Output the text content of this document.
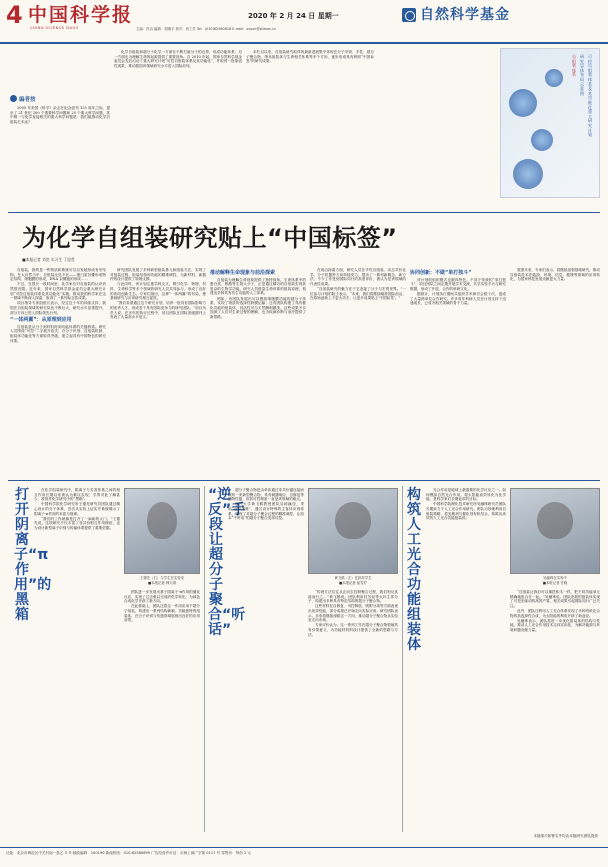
4 中国科学报
CHINA SCIENCE DAILY
2020 年 2 月 24 日 星期一
主编：肖洁 编辑：胡珈平 校对：何工苏 Tel：(010)62580618 E-mail：xxsun@stimes.cn
自然科学基金
编者按

2005 年美国《科学》杂志在纪念创刊 125 周年之际，提出了 21 世纪 100 个重要科学问题和 25 个重大科学问题，其中唯一与化学直接相关的重大科学问题是：我们能推动化学自组装走多远？

化学自组装和超分子化学一方面在不断打破分子的边界，形成功能体系；另一方面也为理解生命的起源提供了重要视角。自 2010 年起，国家自然科学基金委员会先后启动了重大研究计划“可控自组装体系及其功能化”，并取得一批原创性成果，推动我国该领域研究水平进入国际前列。

本栏目以来，自组装研究取得的最新进展集中体现在分子识别、手性、超分子聚合物、纳米组装体与生命相关体系等多个方向，逐步形成具有鲜明“中国标签”的研究成果。

可控自组装体系及其功能化重大研究计划
研究总体布局示意图
自组装体系
为化学自组装研究贴上“中国标签”
■本报记者 刘奕 实习生 丁思哲

自组装，指的是一些物质和系统可以自发地形成有序结构。在大自然当中，自组装无处不在——蛋白质折叠形成特定结构、细胞膜的形成、DNA 双螺旋的形成……

不过，在很长一段时间里，化学家们对自组装的认识仍然很有限。近年来，国家自然科学基金委员会重大研究计划“可控自组装体系及其功能化”实施，推动我国科学家在这一领域不断深入探索，取得了一系列标志性成果。

项目指导专家组组长表示，经过近十年的持续支持，我国在自组装领域的研究队伍不断壮大，研究水平显著提升，部分方向已进入国际领先行列。

“一体两翼”：从原理到应用

自组装是从分子到材料再到功能体系的关键桥梁。研究人员围绕“可控”二字展开攻关，在分子识别、自组装机制、组装体功能化等方面取得突破，建立起具有中国特色的研究体系。

研究团队发展了多种新型组装基元和组装方法，实现了对组装过程、组装结构和功能的精准调控，为新材料、新器件的设计提供了原理支撑。

与此同时，该计划注重学科交叉，吸引化学、物理、材料、生命科学等多个领域的研究人员共同参与，形成了良好的协同创新生态。专家们指出，这种“一体两翼”的布局，使基础研究与应用研究相互促进。

“我们希望通过这个研究计划，培养一批具有国际影响力的优秀人才，形成若干具有国际竞争力的研究团队。”项目负责人说。在多年的执行过程中，项目团队在国际顶级期刊上发表了大量高水平论文。

推动解释生命现象与前沿探索

自组装为理解生命现象提供了独特视角。生命体系中的蛋白质、核酸等生物大分子，正是通过精巧的自组装实现其复杂的生物学功能。研究人员借鉴生命体系的组装原理，构建出多种具有仿生功能的人工体系。

例如，有团队发展出可以模拟细胞膜功能的超分子体系，实现了物质的选择性跨膜运输；还有团队构建了具有催化功能的组装体，其活性可与天然酶相媲美。这些成果不仅加深了人们对生命过程的理解，也为疾病诊断与治疗提供了新思路。

在前沿探索方面，研究人员在手性自组装、动态共价化学、分子机器等方向持续发力，提出了一系列新概念、新方法。不少工作受到国际同行的高度评价，被认为是该领域的代表性成果。

“自组装研究的魅力在于它连接了分子与宏观世界。”一位参与计划的院士表示，“未来，我们将继续瞄准国际前沿，在原始创新上下更大功夫，让更多成果贴上‘中国标签’。”

协同创新：不做“单打独斗”

该计划的组织模式也颇具特色。不同于传统的“单打独斗”，项目团队之间定期开展学术交流，共享实验平台与研究数据，形成了开放、合作的科研文化。

据统计，计划执行期间共组织学术研讨会数十次，促成了大量跨单位合作研究。许多青年科研人员在计划支持下迅速成长，已成为相关领域的骨干力量。

展望未来，专家们表示，将继续加强基础研究，推动自组装技术在能源、环境、信息、健康等领域的应用转化，为国家科技发展贡献更大力量。

打开阴离子“π作用”的黑箱

在化学组装研究中，阴离子与芳香体系之间的相互作用长期以来被认为难以实现，学界对此了解甚少，被视作化学研究中的“黑箱”。

中国科学院化学研究所王德先研究员团队通过精心设计的分子体系，首次从实验上证实并系统揭示了阴离子-π作用的本质与规律。

“我们的工作就像是打开了一扇新的大门。”王德先说。这项研究不仅丰富了非共价相互作用理论，也为设计新型离子识别与传输体系提供了重要依据。

王德先（右）与学生在实验室
■本报记者 韩天琪

团队进一步发展出基于阴离子-π作用的催化反应，实现了过去难以完成的化学转化，为绿色合成化学开辟了新方向。

在此基础上，团队还将这一作用应用于超分子组装，构建出一系列结构新颖、功能独特的组装体，在分子识别与传感领域展现出良好的应用前景。

“逆反”手段让超分子聚合“听话”

超分子聚合物是由单体通过非共价键连接而成的一类新型聚合物，具有刺激响应、自修复等独特性能，但其可控制备一直是该领域的难点。

浙江大学黄飞鹤教授团队另辟蹊径，采用“逆向思维”，通过设计特殊的主客体识别体系，实现了对超分子聚合过程的精准调控，让原本“不听话”的超分子聚合变得可控。

黄飞鹤（左）在指导学生
■本报记者 崔雪芹

“传统方法往往从正向去控制聚合过程，我们则反其道而行之。”黄飞鹤说。团队利用柱芳烃等大环主体分子，构建出多种具有特定结构的超分子聚合物。

这些材料在自修复、可控释放、吸附分离等方面表现出优异性能，部分成果已开始走向实际应用。研究团队表示，未来将继续深耕这一方向，推动超分子聚合物从实验室走向市场。

专家评价认为，这一系列工作在超分子聚合物领域具有引领意义，为功能材料的设计提供了全新的思路与方法。

构筑人工光合功能组装体

光合作用是地球上最重要的化学反应之一。如何模拟自然光合作用，将太阳能高效转化为化学能，是科学家们长期追求的目标。

中国科学院理化技术研究所吴骊珠研究员团队长期致力于人工光合作用研究。团队巧妙地利用自组装策略，将光敏剂与催化剂有机结合，构筑出高效的人工光合功能组装体。

吴骊珠在实验中
■本报记者 甘晓

“自组装让我们可以像搭积木一样，把不同功能单元精确地组合在一起。”吴骊珠说。团队发展的组装体实现了可见光驱动的高效产氢，相关成果引起国际同行广泛关注。

此外，团队还利用人工光合体系实现了多种有机化合物的高选择性合成，为太阳能的利用开辟了新途径。

吴骊珠表示，团队将进一步优化组装体的结构与性能，推动人工光合作用技术走向实用化，为解决能源与环境问题贡献力量。

本版图片除署名外均由本版研究团队提供
社址：北京市海淀区中关村南一条乙 3 号 邮政编码：100190 新闻热线：010-62580699 广告经营许可证：京海工商广字第 0117 号 零售价：每份 2 元
